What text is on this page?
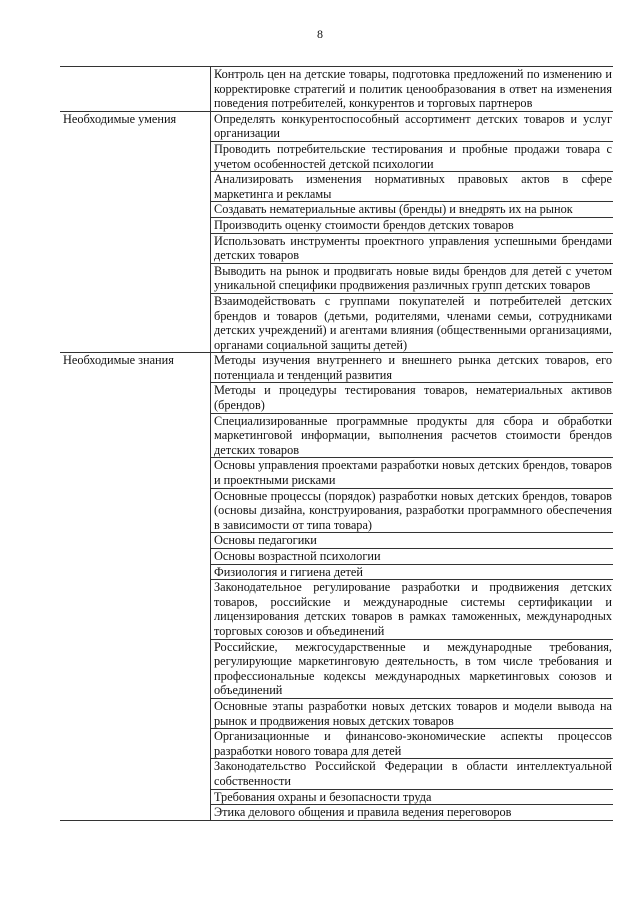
8

	Контроль цен на детские товары, подготовка предложений по изменению и корректировке стратегий и политик ценообразования в ответ на изменения поведения потребителей, конкурентов и торговых партнеров

Необходимые умения	Определять конкурентоспособный ассортимент детских товаров и услуг организации

	Проводить потребительские тестирования и пробные продажи товара с учетом особенностей детской психологии

	Анализировать изменения нормативных правовых актов в сфере маркетинга и рекламы

	Создавать нематериальные активы (бренды) и внедрять их на рынок

	Производить оценку стоимости брендов детских товаров

	Использовать инструменты проектного управления успешными брендами детских товаров

	Выводить на рынок и продвигать новые виды брендов для детей с учетом уникальной специфики продвижения различных групп детских товаров

	Взаимодействовать с группами покупателей и потребителей детских брендов и товаров (детьми, родителями, членами семьи, сотрудниками детских учреждений) и агентами влияния (общественными организациями, органами социальной защиты детей)

Необходимые знания	Методы изучения внутреннего и внешнего рынка детских товаров, его потенциала и тенденций развития

	Методы и процедуры тестирования товаров, нематериальных активов (брендов)

	Специализированные программные продукты для сбора и обработки маркетинговой информации, выполнения расчетов стоимости брендов детских товаров

	Основы управления проектами разработки новых детских брендов, товаров и проектными рисками

	Основные процессы (порядок) разработки новых детских брендов, товаров (основы дизайна, конструирования, разработки программного обеспечения в зависимости от типа товара)

	Основы педагогики

	Основы возрастной психологии

	Физиология и гигиена детей

	Законодательное регулирование разработки и продвижения детских товаров, российские и международные системы сертификации и лицензирования детских товаров в рамках таможенных, международных торговых союзов и объединений

	Российские, межгосударственные и международные требования, регулирующие маркетинговую деятельность, в том числе требования и профессиональные кодексы международных маркетинговых союзов и объединений

	Основные этапы разработки новых детских товаров и модели вывода на рынок и продвижения новых детских товаров

	Организационные и финансово-экономические аспекты процессов разработки нового товара для детей

	Законодательство Российской Федерации в области интеллектуальной собственности

	Требования охраны и безопасности труда

	Этика делового общения и правила ведения переговоров
